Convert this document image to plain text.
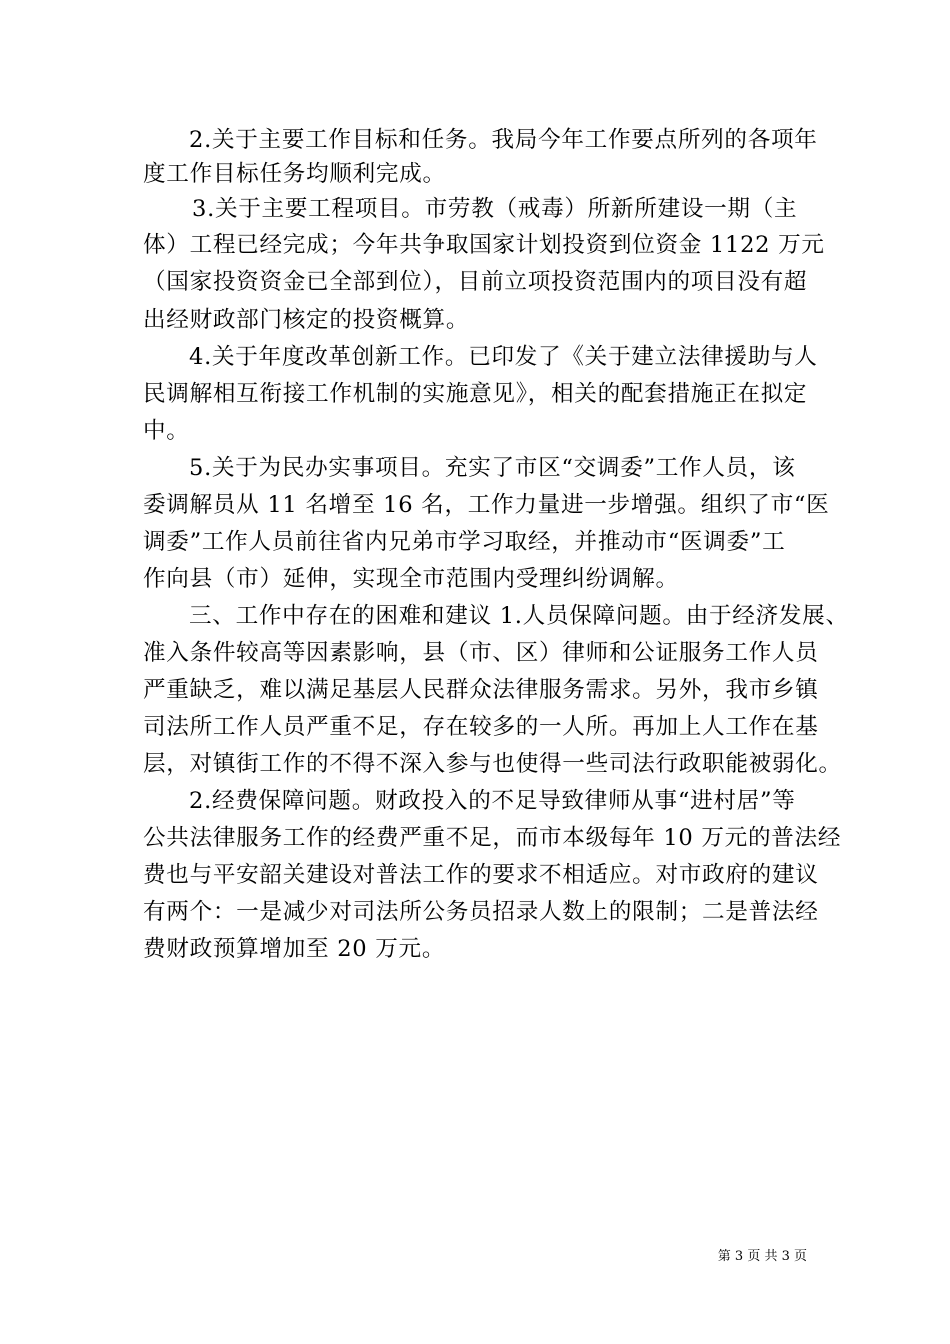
2.关于主要工作目标和任务。我局今年工作要点所列的各项年
度工作目标任务均顺利完成。
3.关于主要工程项目。市劳教（戒毒）所新所建设一期（主
体）工程已经完成；今年共争取国家计划投资到位资金 1122 万元
（国家投资资金已全部到位），目前立项投资范围内的项目没有超
出经财政部门核定的投资概算。
4.关于年度改革创新工作。已印发了《关于建立法律援助与人
民调解相互衔接工作机制的实施意见》，相关的配套措施正在拟定
中。
5.关于为民办实事项目。充实了市区“交调委”工作人员，该
委调解员从 11 名增至 16 名，工作力量进一步增强。组织了市“医
调委”工作人员前往省内兄弟市学习取经，并推动市“医调委”工
作向县（市）延伸，实现全市范围内受理纠纷调解。
三、工作中存在的困难和建议 1.人员保障问题。由于经济发展、
准入条件较高等因素影响，县（市、区）律师和公证服务工作人员
严重缺乏，难以满足基层人民群众法律服务需求。另外，我市乡镇
司法所工作人员严重不足，存在较多的一人所。再加上人工作在基
层，对镇街工作的不得不深入参与也使得一些司法行政职能被弱化。
2.经费保障问题。财政投入的不足导致律师从事“进村居”等
公共法律服务工作的经费严重不足，而市本级每年 10 万元的普法经
费也与平安韶关建设对普法工作的要求不相适应。对市政府的建议
有两个：一是减少对司法所公务员招录人数上的限制；二是普法经
费财政预算增加至 20 万元。
第 3 页 共 3 页
